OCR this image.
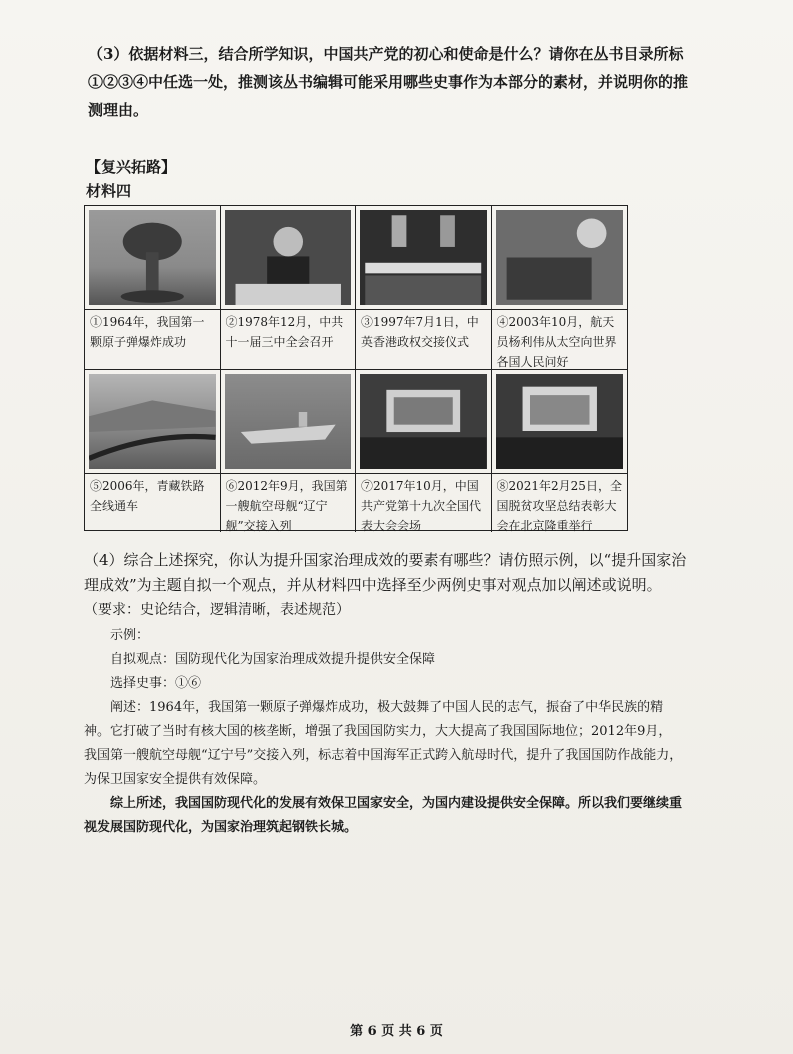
（3）依据材料三，结合所学知识，中国共产党的初心和使命是什么？请你在丛书目录所标①②③④中任选一处，推测该丛书编辑可能采用哪些史事作为本部分的素材，并说明你的推测理由。
【复兴拓路】
材料四
①1964年，我国第一颗原子弹爆炸成功
②1978年12月，中共十一届三中全会召开
③1997年7月1日，中英香港政权交接仪式
④2003年10月，航天员杨利伟从太空向世界各国人民问好
⑤2006年，青藏铁路全线通车
⑥2012年9月，我国第一艘航空母舰“辽宁舰”交接入列
⑦2017年10月，中国共产党第十九次全国代表大会会场
⑧2021年2月25日，全国脱贫攻坚总结表彰大会在北京隆重举行
（4）综合上述探究，你认为提升国家治理成效的要素有哪些？请仿照示例，以“提升国家治理成效”为主题自拟一个观点，并从材料四中选择至少两例史事对观点加以阐述或说明。
（要求：史论结合，逻辑清晰，表述规范）
示例：
自拟观点：国防现代化为国家治理成效提升提供安全保障
选择史事：①⑥
阐述：1964年，我国第一颗原子弹爆炸成功，极大鼓舞了中国人民的志气，振奋了中华民族的精神。它打破了当时有核大国的核垄断，增强了我国国防实力，大大提高了我国国际地位；2012年9月，我国第一艘航空母舰“辽宁号”交接入列，标志着中国海军正式跨入航母时代，提升了我国国防作战能力，为保卫国家安全提供有效保障。
综上所述，我国国防现代化的发展有效保卫国家安全，为国内建设提供安全保障。所以我们要继续重视发展国防现代化，为国家治理筑起钢铁长城。
第 6 页 共 6 页
